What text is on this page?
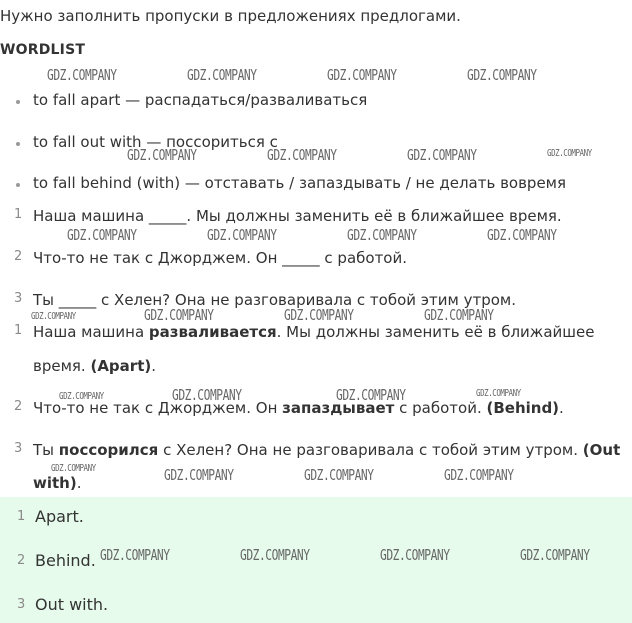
Нужно заполнить пропуски в предложениях предлогами.
WORDLIST
to fall apart — распадаться/разваливаться
to fall out with — поссориться с
to fall behind (with) — отставать / запаздывать / не делать вовремя
1 Наша машина _____. Мы должны заменить её в ближайшее время.
2 Что-то не так с Джорджем. Он _____ с работой.
3 Ты _____ с Хелен? Она не разговаривала с тобой этим утром.
1 Наша машина разваливается. Мы должны заменить её в ближайшее
время. (Apart).
2 Что-то не так с Джорджем. Он запаздывает с работой. (Behind).
3 Ты поссорился с Хелен? Она не разговаривала с тобой этим утром. (Out
with).
1 Apart.
2 Behind.
3 Out with.
GDZ.COMPANY	GDZ.COMPANY	GDZ.COMPANY	GDZ.COMPANY
GDZ.COMPANY	GDZ.COMPANY	GDZ.COMPANY	GDZ.COMPANY
GDZ.COMPANY	GDZ.COMPANY	GDZ.COMPANY	GDZ.COMPANY
GDZ.COMPANY	GDZ.COMPANY	GDZ.COMPANY	GDZ.COMPANY
GDZ.COMPANY	GDZ.COMPANY	GDZ.COMPANY	GDZ.COMPANY
GDZ.COMPANY	GDZ.COMPANY	GDZ.COMPANY	GDZ.COMPANY
GDZ.COMPANY	GDZ.COMPANY	GDZ.COMPANY	GDZ.COMPANY
